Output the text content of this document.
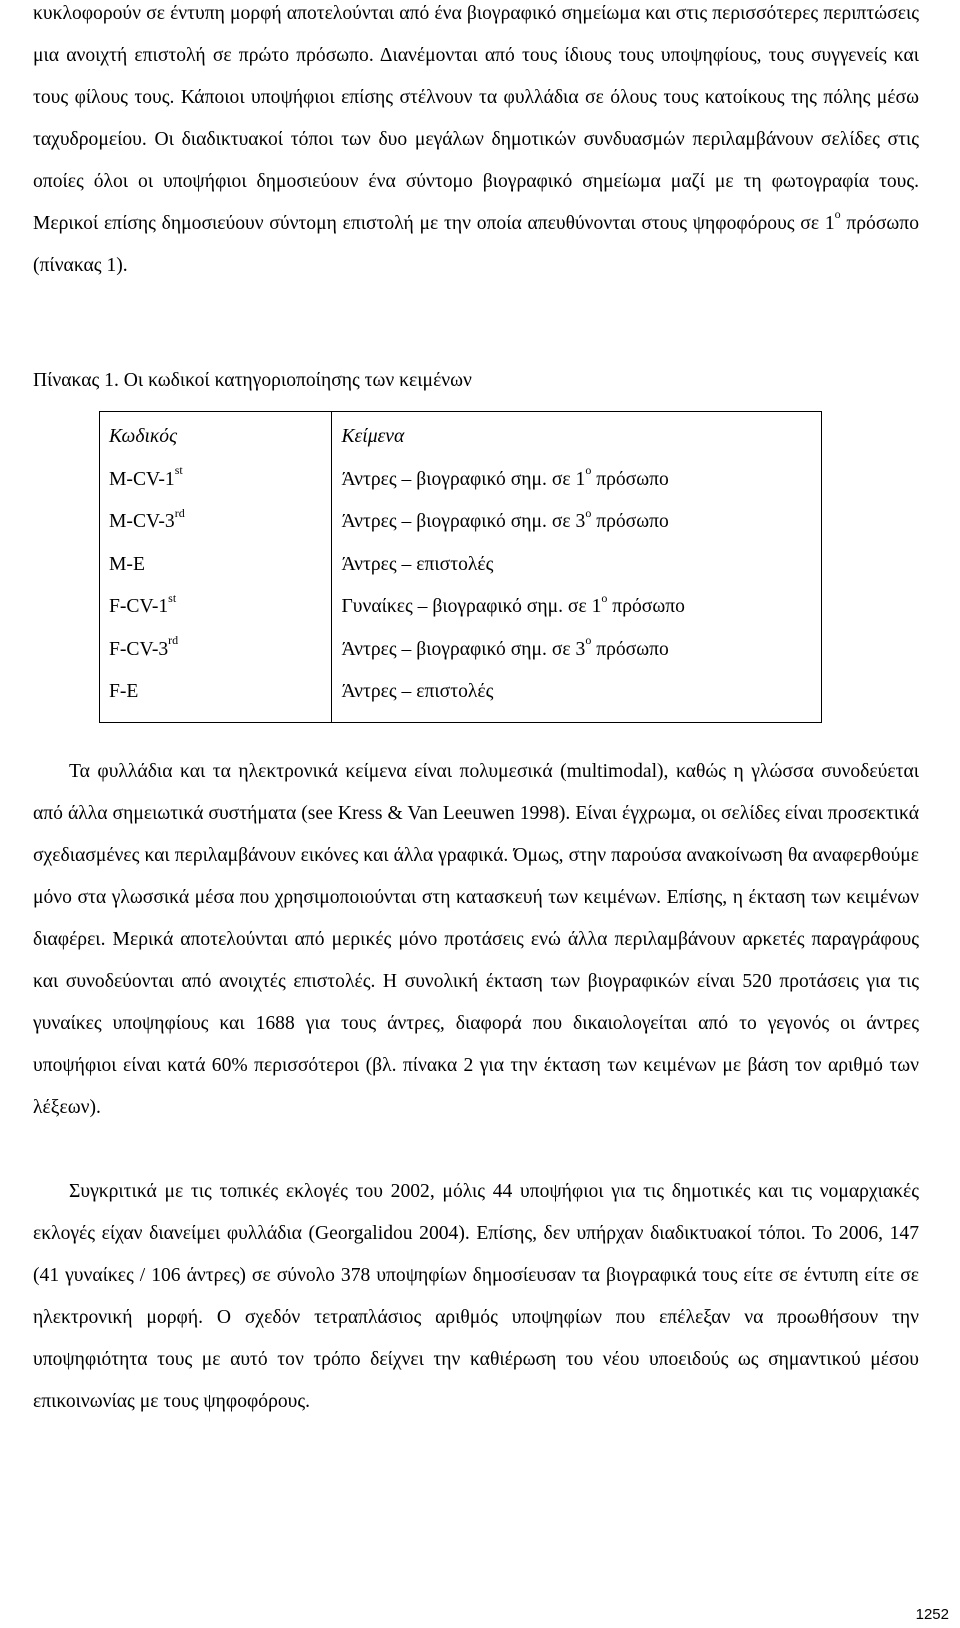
κυκλοφορούν σε έντυπη μορφή αποτελούνται από ένα βιογραφικό σημείωμα και στις περισσότερες περιπτώσεις μια ανοιχτή επιστολή σε πρώτο πρόσωπο. Διανέμονται από τους ίδιους τους υποψηφίους, τους συγγενείς και τους φίλους τους. Κάποιοι υποψήφιοι επίσης στέλνουν τα φυλλάδια σε όλους τους κατοίκους της πόλης μέσω ταχυδρομείου. Οι διαδικτυακοί τόποι των δυο μεγάλων δημοτικών συνδυασμών περιλαμβάνουν σελίδες στις οποίες όλοι οι υποψήφιοι δημοσιεύουν ένα σύντομο βιογραφικό σημείωμα μαζί με τη φωτογραφία τους. Μερικοί επίσης δημοσιεύουν σύντομη επιστολή με την οποία απευθύνονται στους ψηφοφόρους σε $1^o$ πρόσωπο (πίνακας 1).

Πίνακας 1. Οι κωδικοί κατηγοριοποίησης των κειμένων

Κωδικός	Κείμενα
M-CV-1st	Άντρες – βιογραφικό σημ. σε $1^o$ πρόσωπο
M-CV-3rd	Άντρες – βιογραφικό σημ. σε $3^o$ πρόσωπο
M-E	Άντρες – επιστολές
F-CV-1st	Γυναίκες – βιογραφικό σημ. σε $1^o$ πρόσωπο
F-CV-3rd	Άντρες – βιογραφικό σημ. σε $3^o$ πρόσωπο
F-E	Άντρες – επιστολές

Τα φυλλάδια και τα ηλεκτρονικά κείμενα είναι πολυμεσικά (multimodal), καθώς η γλώσσα συνοδεύεται από άλλα σημειωτικά συστήματα (see Kress & Van Leeuwen 1998). Είναι έγχρωμα, οι σελίδες είναι προσεκτικά σχεδιασμένες και περιλαμβάνουν εικόνες και άλλα γραφικά. Όμως, στην παρούσα ανακοίνωση θα αναφερθούμε μόνο στα γλωσσικά μέσα που χρησιμοποιούνται στη κατασκευή των κειμένων. Επίσης, η έκταση των κειμένων διαφέρει. Μερικά αποτελούνται από μερικές μόνο προτάσεις ενώ άλλα περιλαμβάνουν αρκετές παραγράφους και συνοδεύονται από ανοιχτές επιστολές. Η συνολική έκταση των βιογραφικών είναι 520 προτάσεις για τις γυναίκες υποψηφίους και 1688 για τους άντρες, διαφορά που δικαιολογείται από το γεγονός οι άντρες υποψήφιοι είναι κατά 60% περισσότεροι (βλ. πίνακα 2 για την έκταση των κειμένων με βάση τον αριθμό των λέξεων).

Συγκριτικά με τις τοπικές εκλογές του 2002, μόλις 44 υποψήφιοι για τις δημοτικές και τις νομαρχιακές εκλογές είχαν διανείμει φυλλάδια (Georgalidou 2004). Επίσης, δεν υπήρχαν διαδικτυακοί τόποι. Το 2006, 147 (41 γυναίκες / 106 άντρες) σε σύνολο 378 υποψηφίων δημοσίευσαν τα βιογραφικά τους είτε σε έντυπη είτε σε ηλεκτρονική μορφή. Ο σχεδόν τετραπλάσιος αριθμός υποψηφίων που επέλεξαν να προωθήσουν την υποψηφιότητα τους με αυτό τον τρόπο δείχνει την καθιέρωση του νέου υποειδούς ως σημαντικού μέσου επικοινωνίας με τους ψηφοφόρους.

1252
